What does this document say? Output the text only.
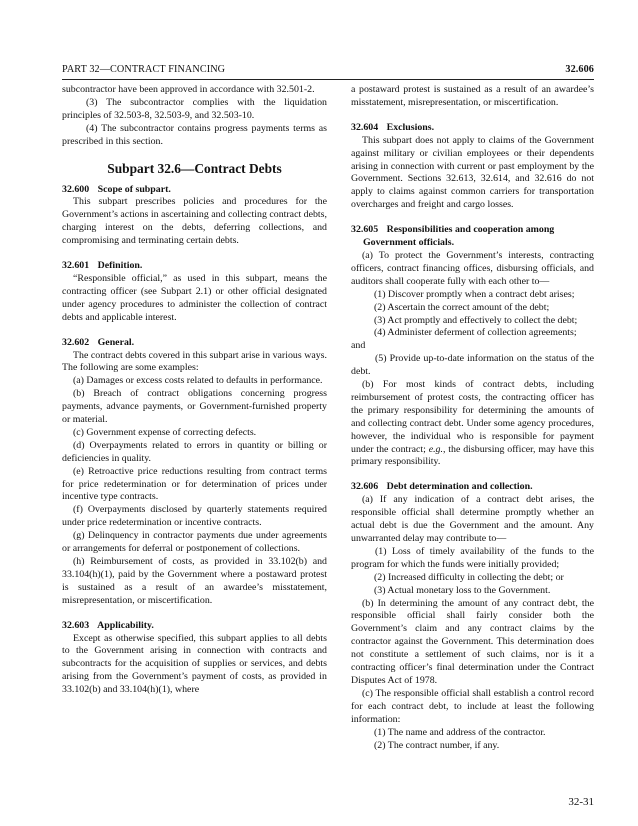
PART 32—CONTRACT FINANCING	32.606

subcontractor have been approved in accordance with 32.501-2.

(3) The subcontractor complies with the liquidation principles of 32.503-8, 32.503-9, and 32.503-10.

(4) The subcontractor contains progress payments terms as prescribed in this section.

Subpart 32.6—Contract Debts
32.600 Scope of subpart.

This subpart prescribes policies and procedures for the Government’s actions in ascertaining and collecting contract debts, charging interest on the debts, deferring collections, and compromising and terminating certain debts.

32.601 Definition.

“Responsible official,” as used in this subpart, means the contracting officer (see Subpart 2.1) or other official designated under agency procedures to administer the collection of contract debts and applicable interest.

32.602 General.

The contract debts covered in this subpart arise in various ways. The following are some examples:

(a) Damages or excess costs related to defaults in performance.

(b) Breach of contract obligations concerning progress payments, advance payments, or Government-furnished property or material.

(c) Government expense of correcting defects.

(d) Overpayments related to errors in quantity or billing or deficiencies in quality.

(e) Retroactive price reductions resulting from contract terms for price redetermination or for determination of prices under incentive type contracts.

(f) Overpayments disclosed by quarterly statements required under price redetermination or incentive contracts.

(g) Delinquency in contractor payments due under agreements or arrangements for deferral or postponement of collections.

(h) Reimbursement of costs, as provided in 33.102(b) and 33.104(h)(1), paid by the Government where a postaward protest is sustained as a result of an awardee’s misstatement, misrepresentation, or miscertification.

32.603 Applicability.

Except as otherwise specified, this subpart applies to all debts to the Government arising in connection with contracts and subcontracts for the acquisition of supplies or services, and debts arising from the Government’s payment of costs, as provided in 33.102(b) and 33.104(h)(1), where

a postaward protest is sustained as a result of an awardee’s misstatement, misrepresentation, or miscertification.

32.604 Exclusions.

This subpart does not apply to claims of the Government against military or civilian employees or their dependents arising in connection with current or past employment by the Government. Sections 32.613, 32.614, and 32.616 do not apply to claims against common carriers for transportation overcharges and freight and cargo losses.

32.605 Responsibilities and cooperation among Government officials.

(a) To protect the Government’s interests, contracting officers, contract financing offices, disbursing officials, and auditors shall cooperate fully with each other to—

(1) Discover promptly when a contract debt arises;

(2) Ascertain the correct amount of the debt;

(3) Act promptly and effectively to collect the debt;

(4) Administer deferment of collection agreements;

and

(5) Provide up-to-date information on the status of the debt.

(b) For most kinds of contract debts, including reimbursement of protest costs, the contracting officer has the primary responsibility for determining the amounts of and collecting contract debt. Under some agency procedures, however, the individual who is responsible for payment under the contract; e.g., the disbursing officer, may have this primary responsibility.

32.606 Debt determination and collection.

(a) If any indication of a contract debt arises, the responsible official shall determine promptly whether an actual debt is due the Government and the amount. Any unwarranted delay may contribute to—

(1) Loss of timely availability of the funds to the program for which the funds were initially provided;

(2) Increased difficulty in collecting the debt; or

(3) Actual monetary loss to the Government.

(b) In determining the amount of any contract debt, the responsible official shall fairly consider both the Government’s claim and any contract claims by the contractor against the Government. This determination does not constitute a settlement of such claims, nor is it a contracting officer’s final determination under the Contract Disputes Act of 1978.

(c) The responsible official shall establish a control record for each contract debt, to include at least the following information:

(1) The name and address of the contractor.

(2) The contract number, if any.

32-31
